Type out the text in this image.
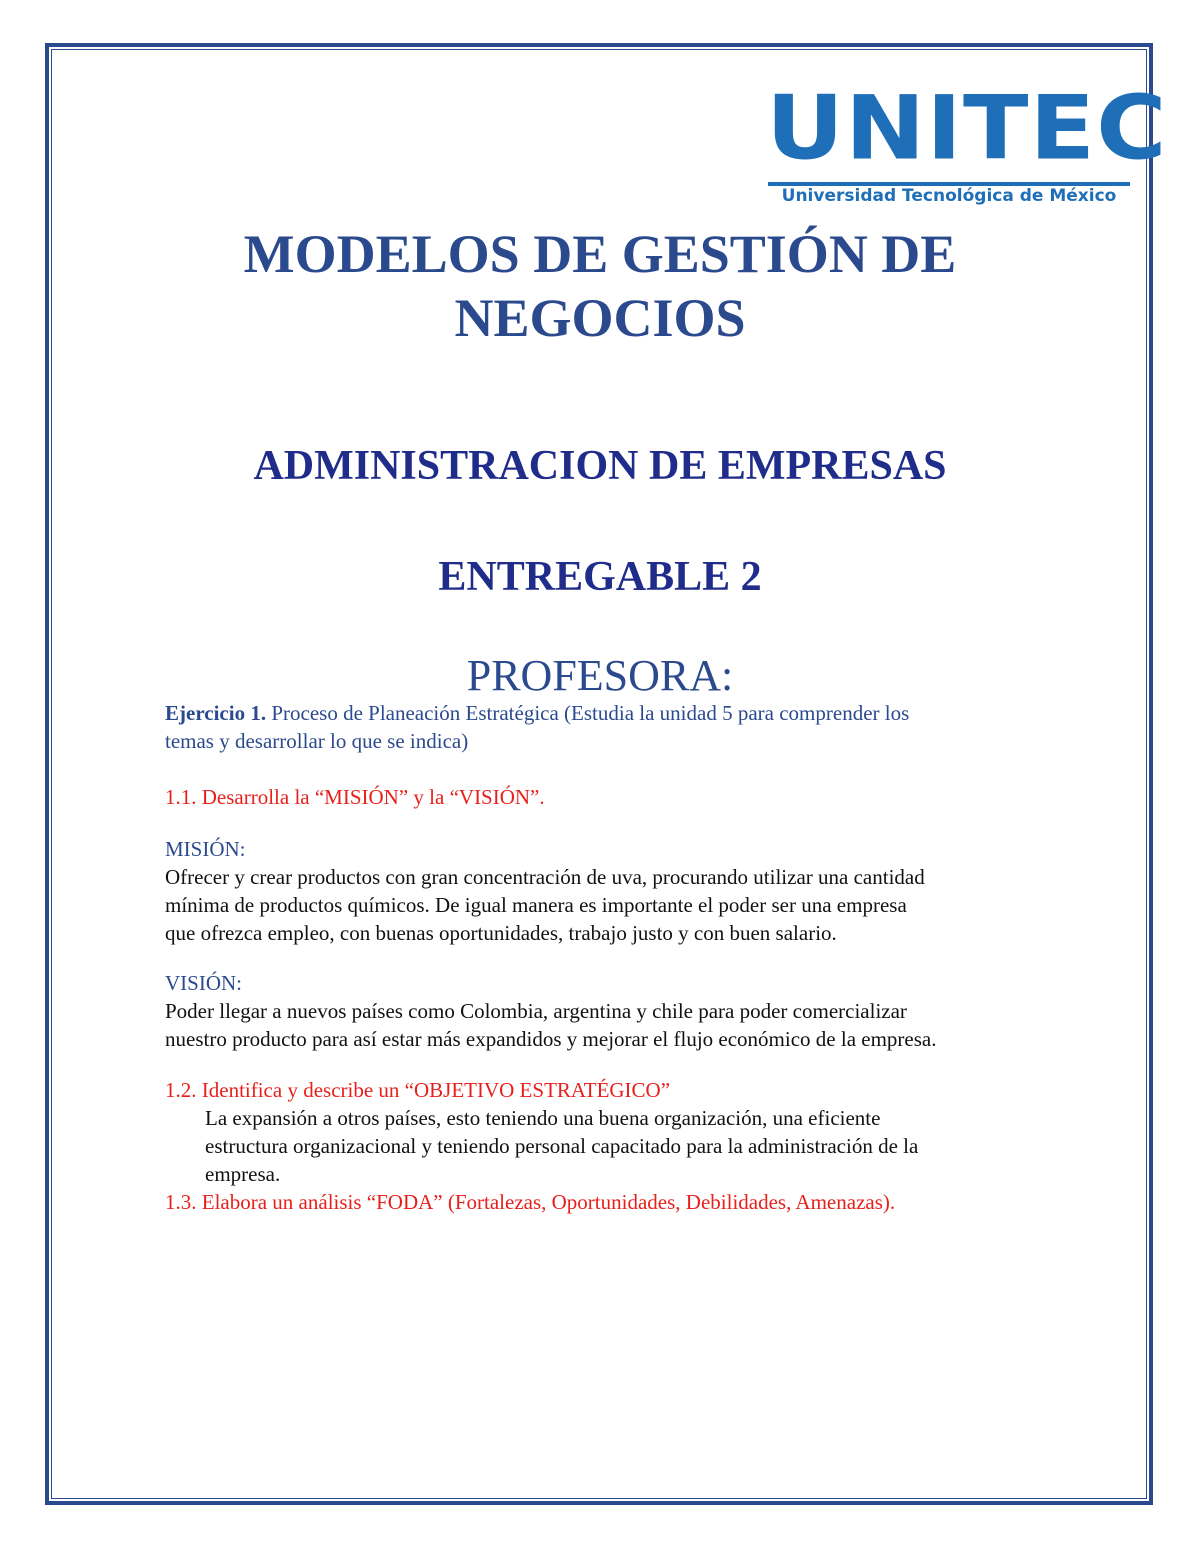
UNITEC
Universidad Tecnológica de México
MODELOS DE GESTIÓN DE
NEGOCIOS
ADMINISTRACION DE EMPRESAS
ENTREGABLE 2
PROFESORA:
Ejercicio 1. Proceso de Planeación Estratégica (Estudia la unidad 5 para comprender los
temas y desarrollar lo que se indica)
1.1. Desarrolla la “MISIÓN” y la “VISIÓN”.
MISIÓN:
Ofrecer y crear productos con gran concentración de uva, procurando utilizar una cantidad
mínima de productos químicos. De igual manera es importante el poder ser una empresa
que ofrezca empleo, con buenas oportunidades, trabajo justo y con buen salario.
VISIÓN:
Poder llegar a nuevos países como Colombia, argentina y chile para poder comercializar
nuestro producto para así estar más expandidos y mejorar el flujo económico de la empresa.
1.2. Identifica y describe un “OBJETIVO ESTRATÉGICO”
La expansión a otros países, esto teniendo una buena organización, una eficiente
estructura organizacional y teniendo personal capacitado para la administración de la
empresa.
1.3. Elabora un análisis “FODA” (Fortalezas, Oportunidades, Debilidades, Amenazas).
